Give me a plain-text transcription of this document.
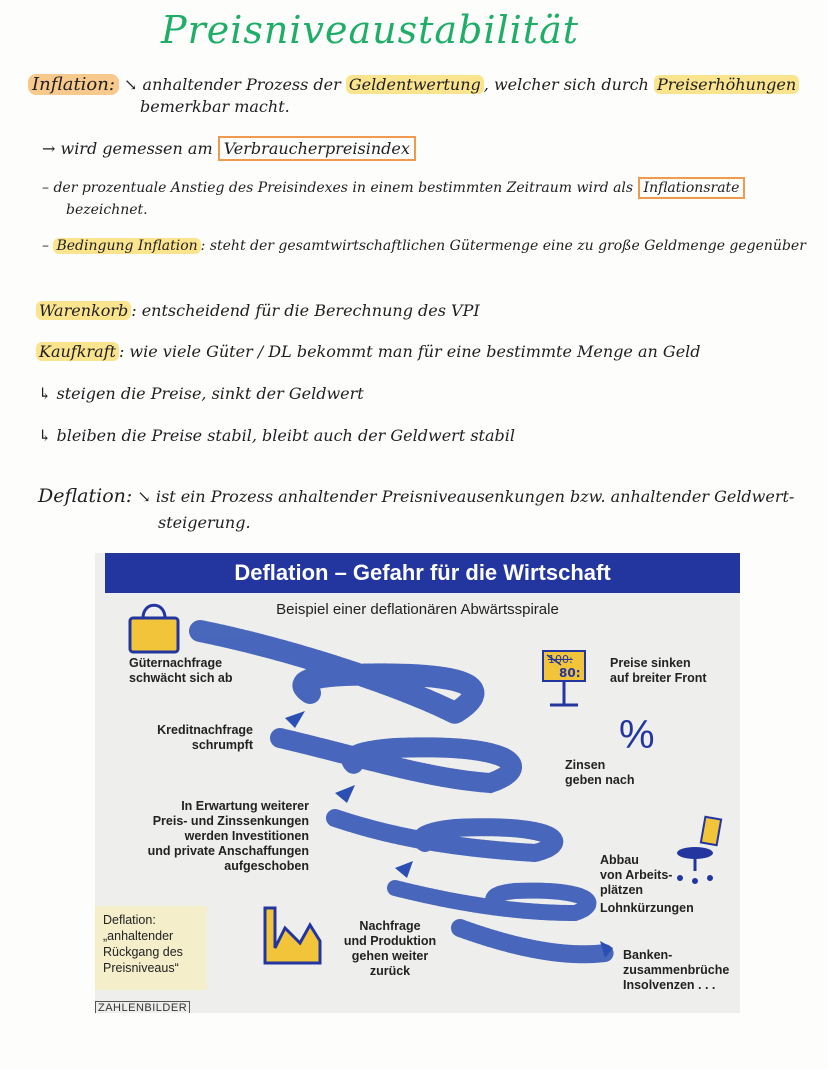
Preisniveaustabilität
Inflation: ↘ anhaltender Prozess der Geldentwertung , welcher sich durch Preiserhöhungen
bemerkbar macht.
→ wird gemessen am Verbraucherpreisindex
– der prozentuale Anstieg des Preisindexes in einem bestimmten Zeitraum wird als Inflationsrate
bezeichnet.
– Bedingung Inflation : steht der gesamtwirtschaftlichen Gütermenge eine zu große Geldmenge gegenüber
Warenkorb : entscheidend für die Berechnung des VPI
Kaufkraft : wie viele Güter / DL bekommt man für eine bestimmte Menge an Geld
↳ steigen die Preise, sinkt der Geldwert
↳ bleiben die Preise stabil, bleibt auch der Geldwert stabil
Deflation: ↘ ist ein Prozess anhaltender Preisniveausenkungen bzw. anhaltender Geldwert-
steigerung.
Deflation – Gefahr für die Wirtschaft
Beispiel einer deflationären Abwärtsspirale
Güternachfrage
schwächt sich ab
Kreditnachfrage
schrumpft
In Erwartung weiterer
Preis- und Zinssenkungen
werden Investitionen
und private Anschaffungen
aufgeschoben
Nachfrage
und Produktion
gehen weiter
zurück
Preise sinken
auf breiter Front
Zinsen
geben nach
%
100:
80:
Abbau
von Arbeits-
plätzen
Lohnkürzungen
Banken-
zusammenbrüche
Insolvenzen . . .
Deflation:
„anhaltender
Rückgang des
Preisniveaus“
ZAHLENBILDER
